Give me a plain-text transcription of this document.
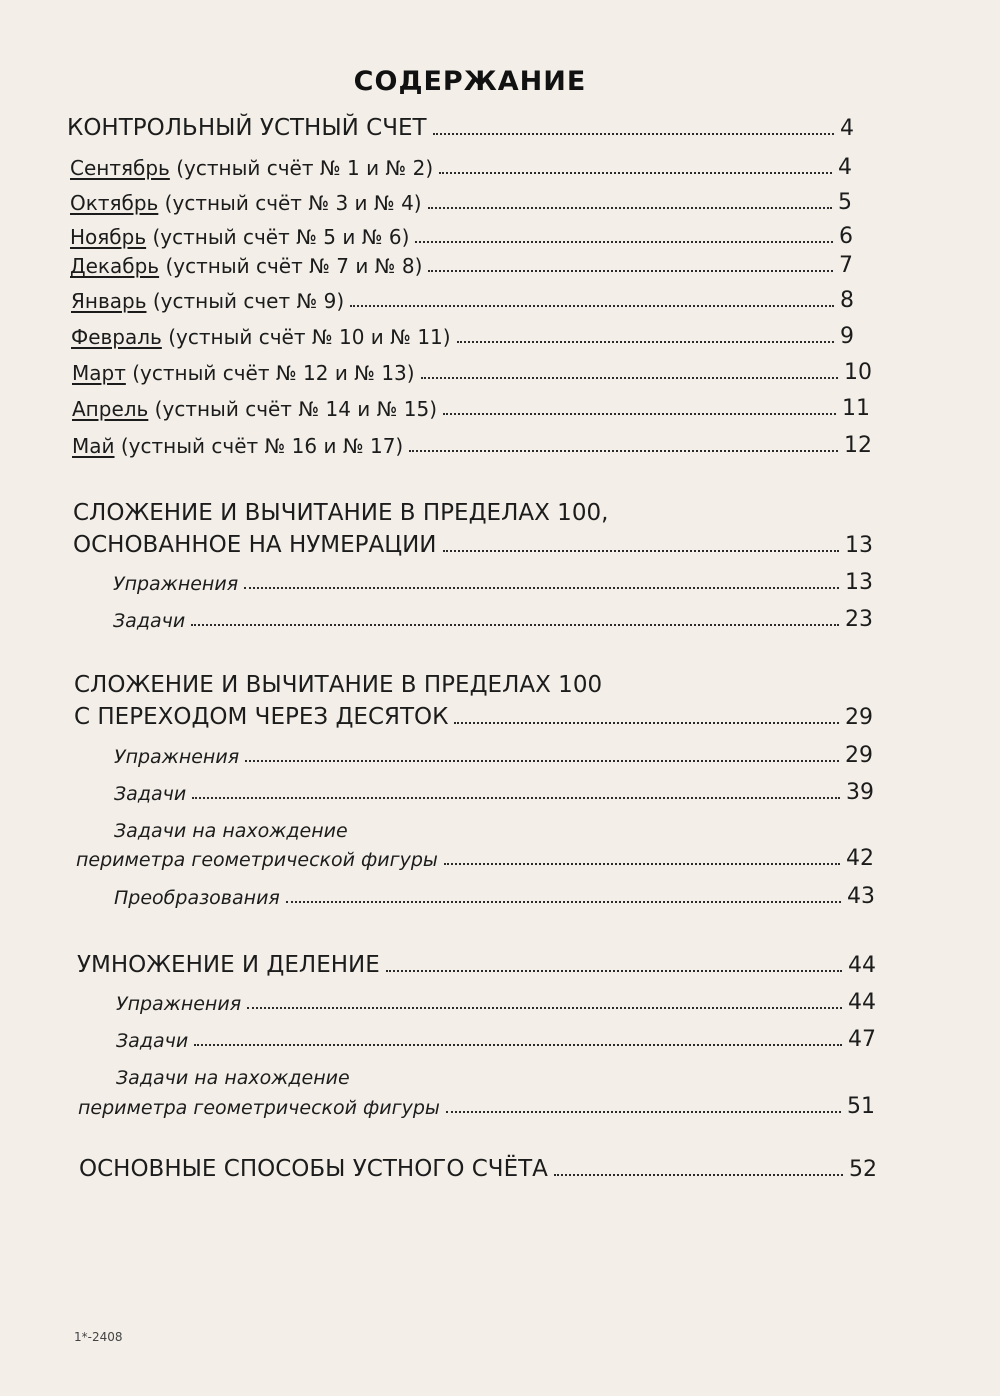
СОДЕРЖАНИЕ
КОНТРОЛЬНЫЙ УСТНЫЙ СЧЕТ	4
Сентябрь (устный счёт № 1 и № 2)	4
Октябрь (устный счёт № 3 и № 4)	5
Ноябрь (устный счёт № 5 и № 6)	6
Декабрь (устный счёт № 7 и № 8)	7
Январь (устный счет № 9)	8
Февраль (устный счёт № 10 и № 11)	9
Март (устный счёт № 12 и № 13)	10
Апрель (устный счёт № 14 и № 15)	11
Май (устный счёт № 16 и № 17)	12
СЛОЖЕНИЕ И ВЫЧИТАНИЕ В ПРЕДЕЛАХ 100,
ОСНОВАННОЕ НА НУМЕРАЦИИ	13
Упражнения	13
Задачи	23
СЛОЖЕНИЕ И ВЫЧИТАНИЕ В ПРЕДЕЛАХ 100
С ПЕРЕХОДОМ ЧЕРЕЗ ДЕСЯТОК	29
Упражнения	29
Задачи	39
Задачи на нахождение
периметра геометрической фигуры	42
Преобразования	43
УМНОЖЕНИЕ И ДЕЛЕНИЕ	44
Упражнения	44
Задачи	47
Задачи на нахождение
периметра геометрической фигуры	51
ОСНОВНЫЕ СПОСОБЫ УСТНОГО СЧЁТА	52
1*-2408
